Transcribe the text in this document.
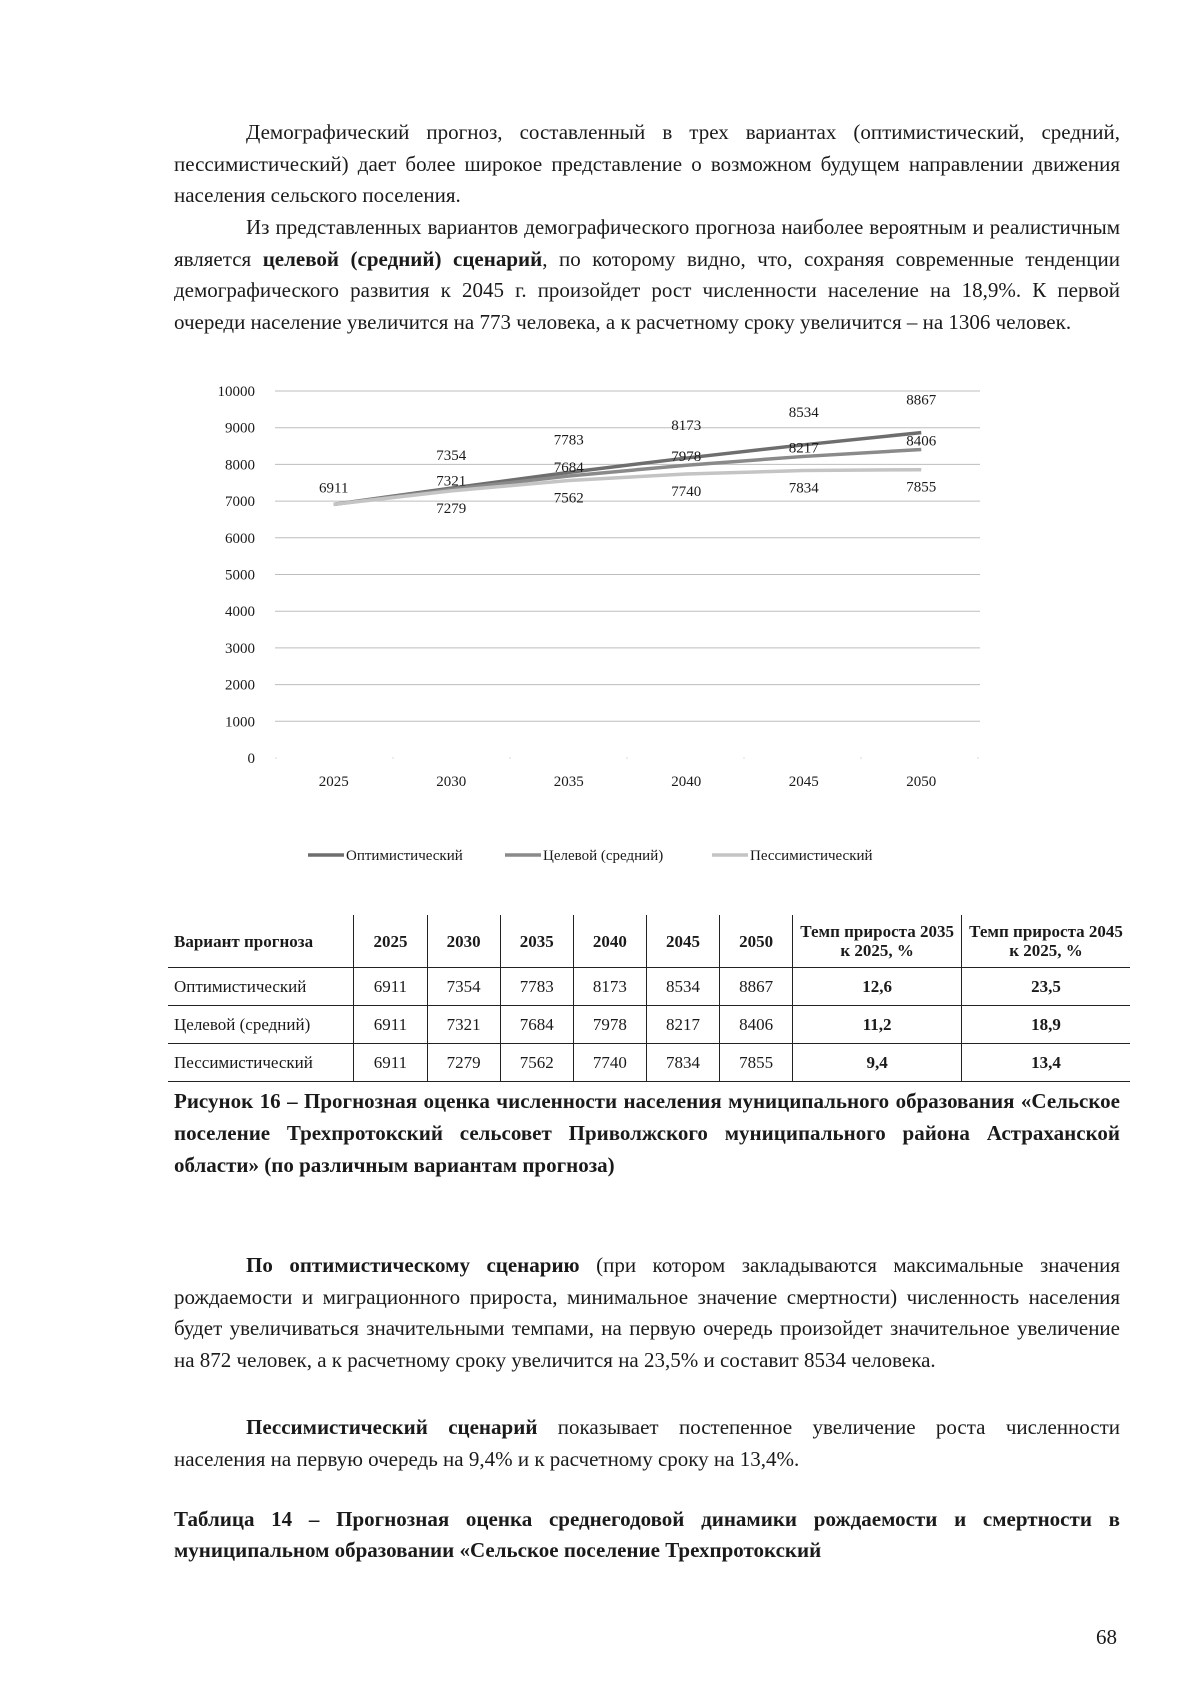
Демографический прогноз, составленный в трех вариантах (оптимистический, средний, пессимистический) дает более широкое представление о возможном будущем направлении движения населения сельского поселения.

Из представленных вариантов демографического прогноза наиболее вероятным и реалистичным является целевой (средний) сценарий, по которому видно, что, сохраняя современные тенденции демографического развития к 2045 г. произойдет рост численности население на 18,9%. К первой очереди население увеличится на 773 человека, а к расчетному сроку увеличится – на 1306 человек.

0
1000
2000
3000
4000
5000
6000
7000
8000
9000
10000
2025	2030	2035	2040	2045	2050
6911
7354
7783
8173
8534
8867
7321
7684
7978
8217	8406
7279
7562	7740	7834	7855
Оптимистический	Целевой (средний)	Пессимистический
Вариант прогноза	2025	2030	2035	2040	2045	2050	Темп прироста 2035 к 2025, %	Темп прироста 2045 к 2025, %
Оптимистический	6911	7354	7783	8173	8534	8867	12,6	23,5
Целевой (средний)	6911	7321	7684	7978	8217	8406	11,2	18,9
Пессимистический	6911	7279	7562	7740	7834	7855	9,4	13,4

Рисунок 16 – Прогнозная оценка численности населения муниципального образования «Сельское поселение Трехпротокский сельсовет Приволжского муниципального района Астраханской области» (по различным вариантам прогноза)

По оптимистическому сценарию (при котором закладываются максимальные значения рождаемости и миграционного прироста, минимальное значение смертности) численность населения будет увеличиваться значительными темпами, на первую очередь произойдет значительное увеличение на 872 человек, а к расчетному сроку увеличится на 23,5% и составит 8534 человека.

Пессимистический сценарий показывает постепенное увеличение роста численности населения на первую очередь на 9,4% и к расчетному сроку на 13,4%.

Таблица 14 – Прогнозная оценка среднегодовой динамики рождаемости и смертности в муниципальном образовании «Сельское поселение Трехпротокский

68
